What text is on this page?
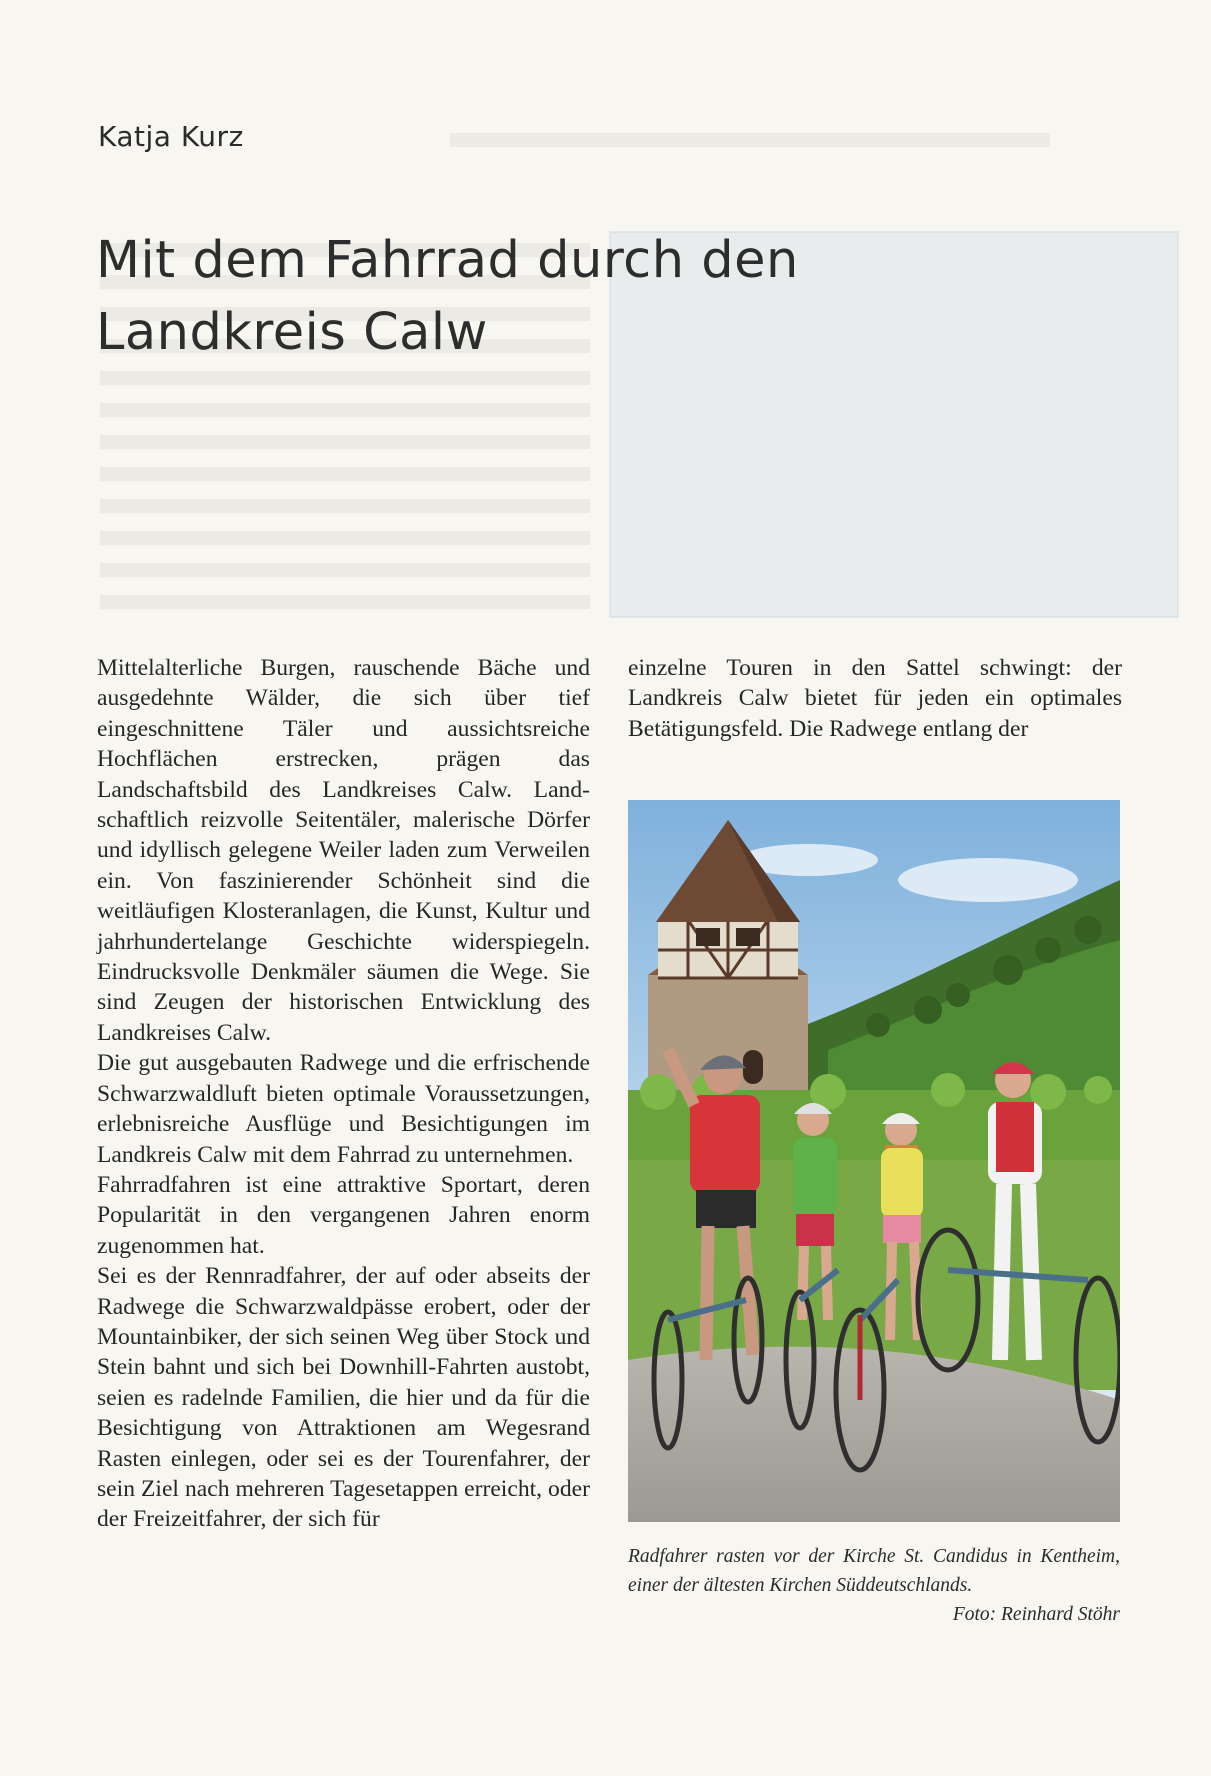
Katja Kurz
Mit dem Fahrrad durch den
Landkreis Calw

Mittelalterliche Burgen, rauschende Bäche und ausgedehnte Wälder, die sich über tief eingeschnittene Täler und aussichtsreiche Hochflächen erstrecken, prägen das Landschaftsbild des Landkreises Calw. Landschaftlich reizvolle Seitentäler, malerische Dörfer und idyllisch gelegene Weiler laden zum Verweilen ein. Von faszinierender Schönheit sind die weitläufigen Klosteranlagen, die Kunst, Kultur und jahrhundertelange Geschichte widerspiegeln. Eindrucksvolle Denkmäler säumen die Wege. Sie sind Zeugen der historischen Entwicklung des Landkreises Calw.

Die gut ausgebauten Radwege und die erfrischende Schwarzwaldluft bieten optimale Voraussetzungen, erlebnisreiche Ausflüge und Besichtigungen im Landkreis Calw mit dem Fahrrad zu unternehmen.

Fahrradfahren ist eine attraktive Sportart, deren Popularität in den vergangenen Jahren enorm zugenommen hat.

Sei es der Rennradfahrer, der auf oder abseits der Radwege die Schwarzwaldpässe erobert, oder der Mountainbiker, der sich seinen Weg über Stock und Stein bahnt und sich bei Downhill-Fahrten austobt, seien es radelnde Familien, die hier und da für die Besichtigung von Attraktionen am Wegesrand Rasten einlegen, oder sei es der Tourenfahrer, der sein Ziel nach mehreren Tagesetappen erreicht, oder der Freizeitfahrer, der sich für

einzelne Touren in den Sattel schwingt: der Landkreis Calw bietet für jeden ein optimales Betätigungsfeld. Die Radwege entlang der

Radfahrer rasten vor der Kirche St. Candidus in Kentheim, einer der ältesten Kirchen Süddeutschlands.
Foto: Reinhard Stöhr
